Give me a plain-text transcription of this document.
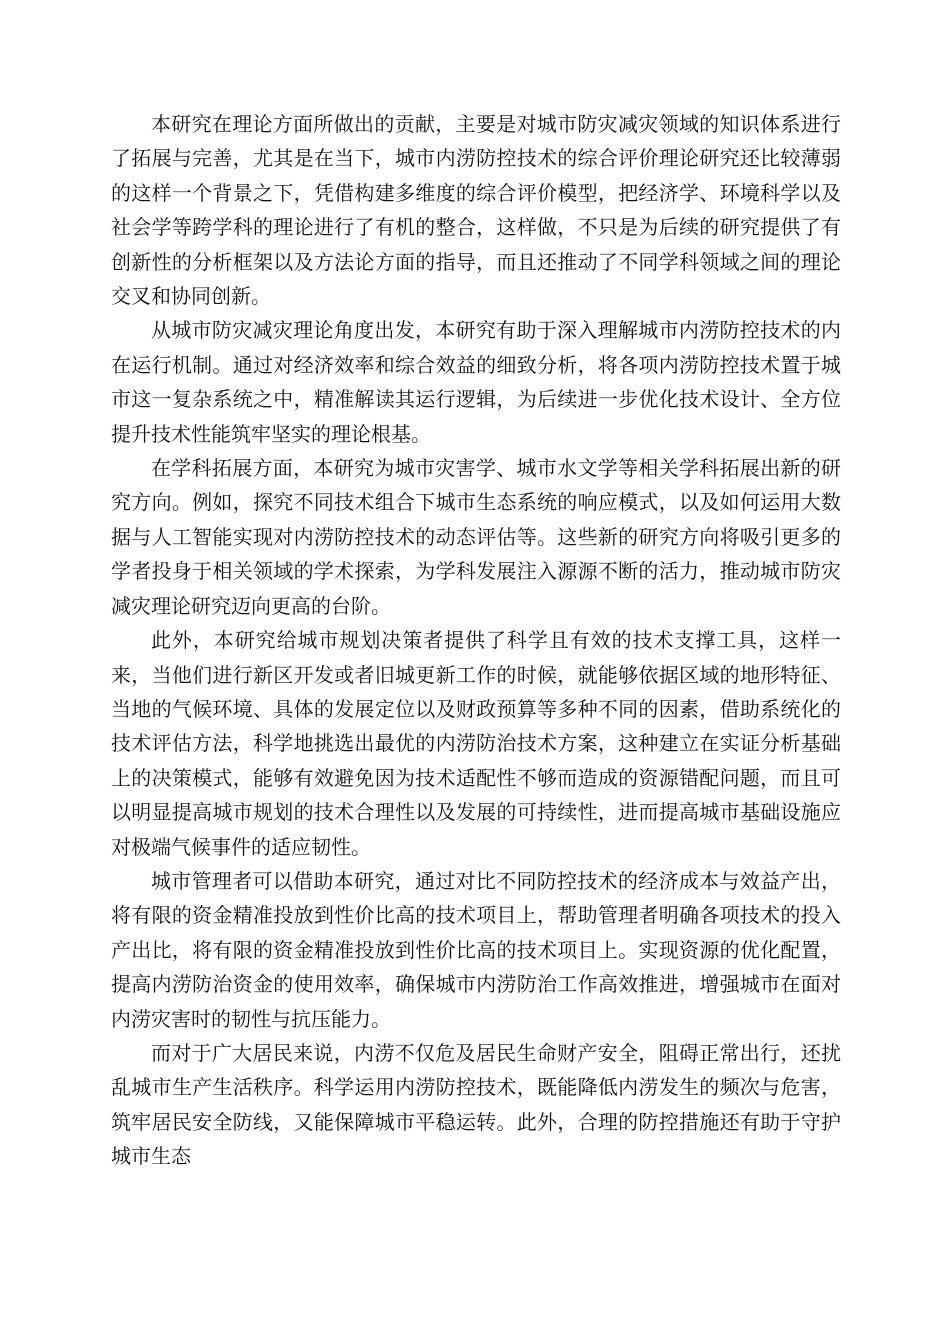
本研究在理论方面所做出的贡献，主要是对城市防灾减灾领域的知识体系进行了拓展与完善，尤其是在当下，城市内涝防控技术的综合评价理论研究还比较薄弱的这样一个背景之下，凭借构建多维度的综合评价模型，把经济学、环境科学以及社会学等跨学科的理论进行了有机的整合，这样做，不只是为后续的研究提供了有创新性的分析框架以及方法论方面的指导，而且还推动了不同学科领域之间的理论交叉和协同创新。

从城市防灾减灾理论角度出发，本研究有助于深入理解城市内涝防控技术的内在运行机制。通过对经济效率和综合效益的细致分析，将各项内涝防控技术置于城市这一复杂系统之中，精准解读其运行逻辑，为后续进一步优化技术设计、全方位提升技术性能筑牢坚实的理论根基。

在学科拓展方面，本研究为城市灾害学、城市水文学等相关学科拓展出新的研究方向。例如，探究不同技术组合下城市生态系统的响应模式，以及如何运用大数据与人工智能实现对内涝防控技术的动态评估等。这些新的研究方向将吸引更多的学者投身于相关领域的学术探索，为学科发展注入源源不断的活力，推动城市防灾减灾理论研究迈向更高的台阶。

此外，本研究给城市规划决策者提供了科学且有效的技术支撑工具，这样一来，当他们进行新区开发或者旧城更新工作的时候，就能够依据区域的地形特征、当地的气候环境、具体的发展定位以及财政预算等多种不同的因素，借助系统化的技术评估方法，科学地挑选出最优的内涝防治技术方案，这种建立在实证分析基础上的决策模式，能够有效避免因为技术适配性不够而造成的资源错配问题，而且可以明显提高城市规划的技术合理性以及发展的可持续性，进而提高城市基础设施应对极端气候事件的适应韧性。

城市管理者可以借助本研究，通过对比不同防控技术的经济成本与效益产出，将有限的资金精准投放到性价比高的技术项目上，帮助管理者明确各项技术的投入产出比，将有限的资金精准投放到性价比高的技术项目上。实现资源的优化配置，提高内涝防治资金的使用效率，确保城市内涝防治工作高效推进，增强城市在面对内涝灾害时的韧性与抗压能力。

而对于广大居民来说，内涝不仅危及居民生命财产安全，阻碍正常出行，还扰乱城市生产生活秩序。科学运用内涝防控技术，既能降低内涝发生的频次与危害，筑牢居民安全防线，又能保障城市平稳运转。此外，合理的防控措施还有助于守护城市生态
